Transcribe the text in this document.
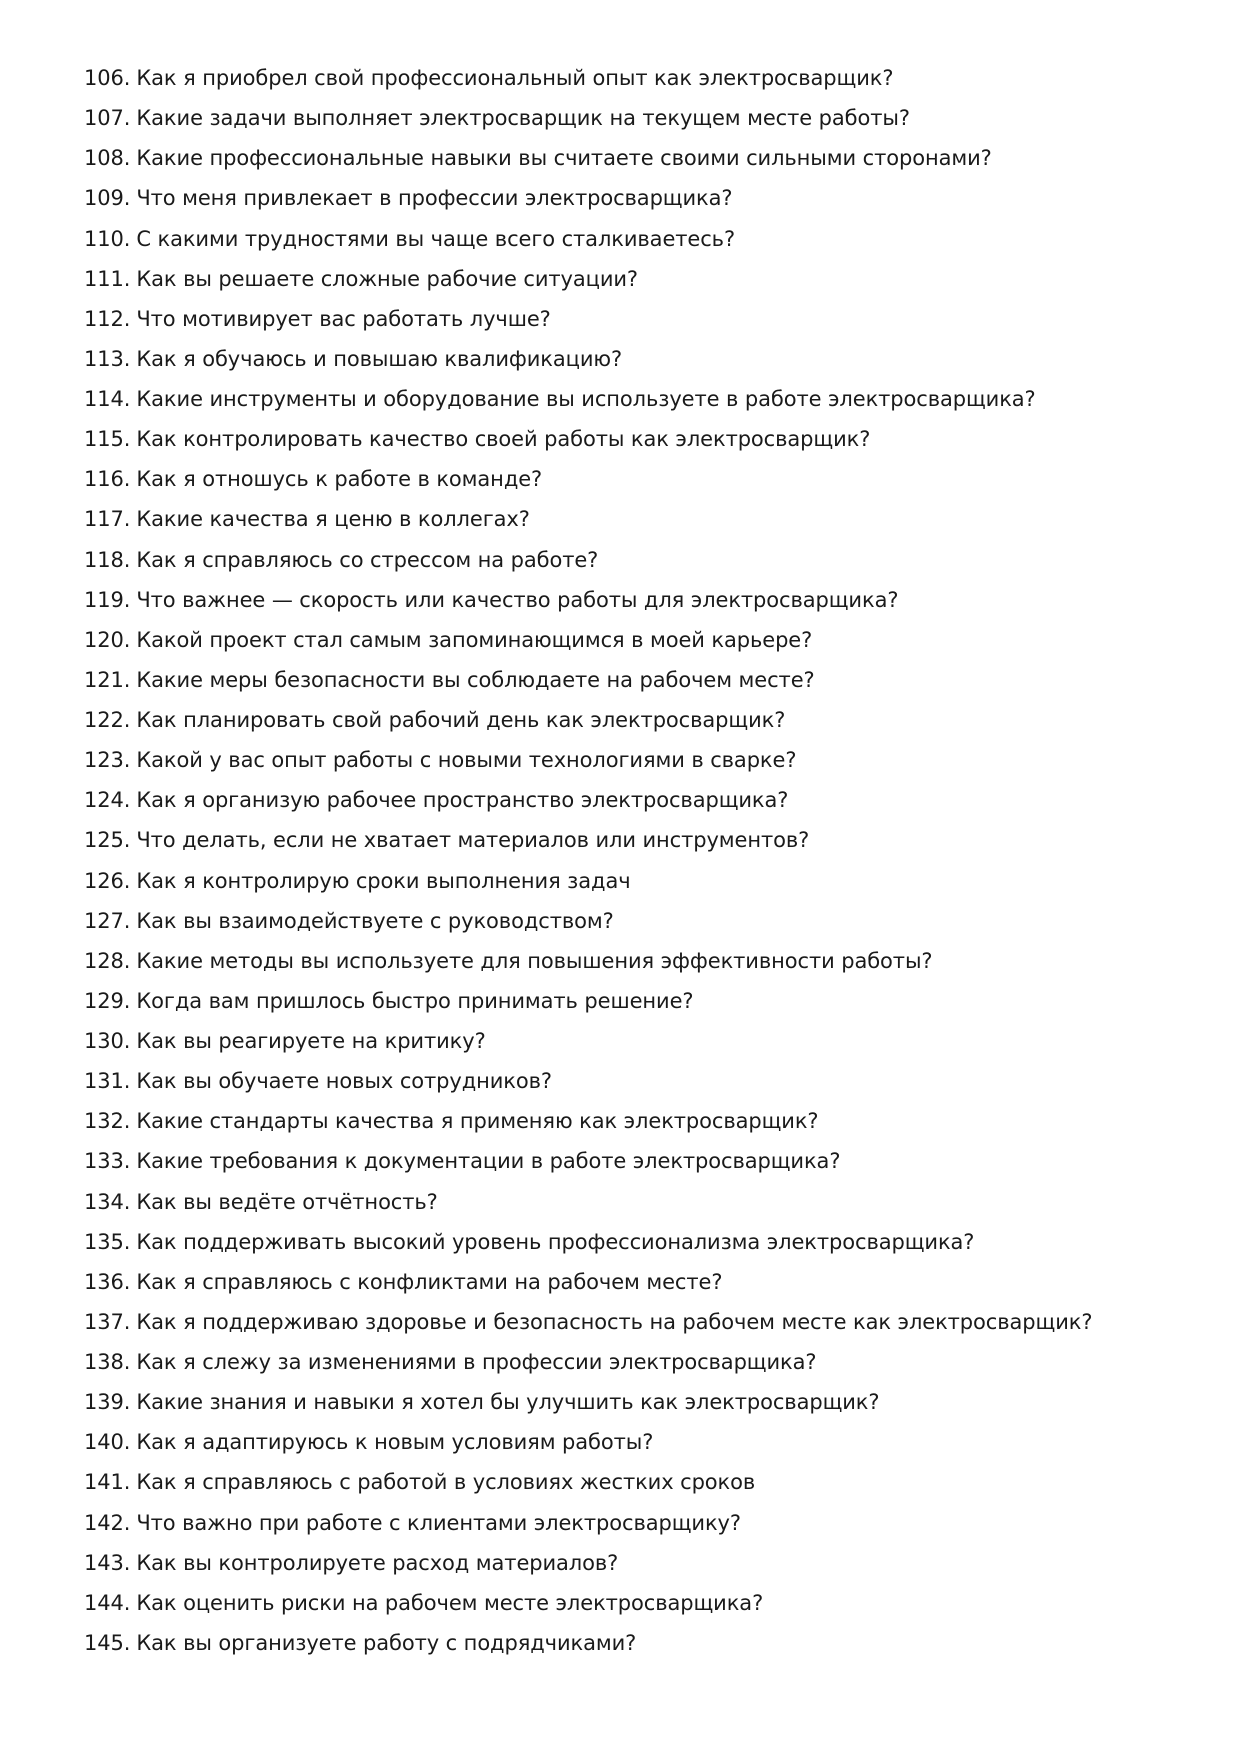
106. Как я приобрел свой профессиональный опыт как электросварщик?
107. Какие задачи выполняет электросварщик на текущем месте работы?
108. Какие профессиональные навыки вы считаете своими сильными сторонами?
109. Что меня привлекает в профессии электросварщика?
110. С какими трудностями вы чаще всего сталкиваетесь?
111. Как вы решаете сложные рабочие ситуации?
112. Что мотивирует вас работать лучше?
113. Как я обучаюсь и повышаю квалификацию?
114. Какие инструменты и оборудование вы используете в работе электросварщика?
115. Как контролировать качество своей работы как электросварщик?
116. Как я отношусь к работе в команде?
117. Какие качества я ценю в коллегах?
118. Как я справляюсь со стрессом на работе?
119. Что важнее — скорость или качество работы для электросварщика?
120. Какой проект стал самым запоминающимся в моей карьере?
121. Какие меры безопасности вы соблюдаете на рабочем месте?
122. Как планировать свой рабочий день как электросварщик?
123. Какой у вас опыт работы с новыми технологиями в сварке?
124. Как я организую рабочее пространство электросварщика?
125. Что делать, если не хватает материалов или инструментов?
126. Как я контролирую сроки выполнения задач
127. Как вы взаимодействуете с руководством?
128. Какие методы вы используете для повышения эффективности работы?
129. Когда вам пришлось быстро принимать решение?
130. Как вы реагируете на критику?
131. Как вы обучаете новых сотрудников?
132. Какие стандарты качества я применяю как электросварщик?
133. Какие требования к документации в работе электросварщика?
134. Как вы ведёте отчётность?
135. Как поддерживать высокий уровень профессионализма электросварщика?
136. Как я справляюсь с конфликтами на рабочем месте?
137. Как я поддерживаю здоровье и безопасность на рабочем месте как электросварщик?
138. Как я слежу за изменениями в профессии электросварщика?
139. Какие знания и навыки я хотел бы улучшить как электросварщик?
140. Как я адаптируюсь к новым условиям работы?
141. Как я справляюсь с работой в условиях жестких сроков
142. Что важно при работе с клиентами электросварщику?
143. Как вы контролируете расход материалов?
144. Как оценить риски на рабочем месте электросварщика?
145. Как вы организуете работу с подрядчиками?
